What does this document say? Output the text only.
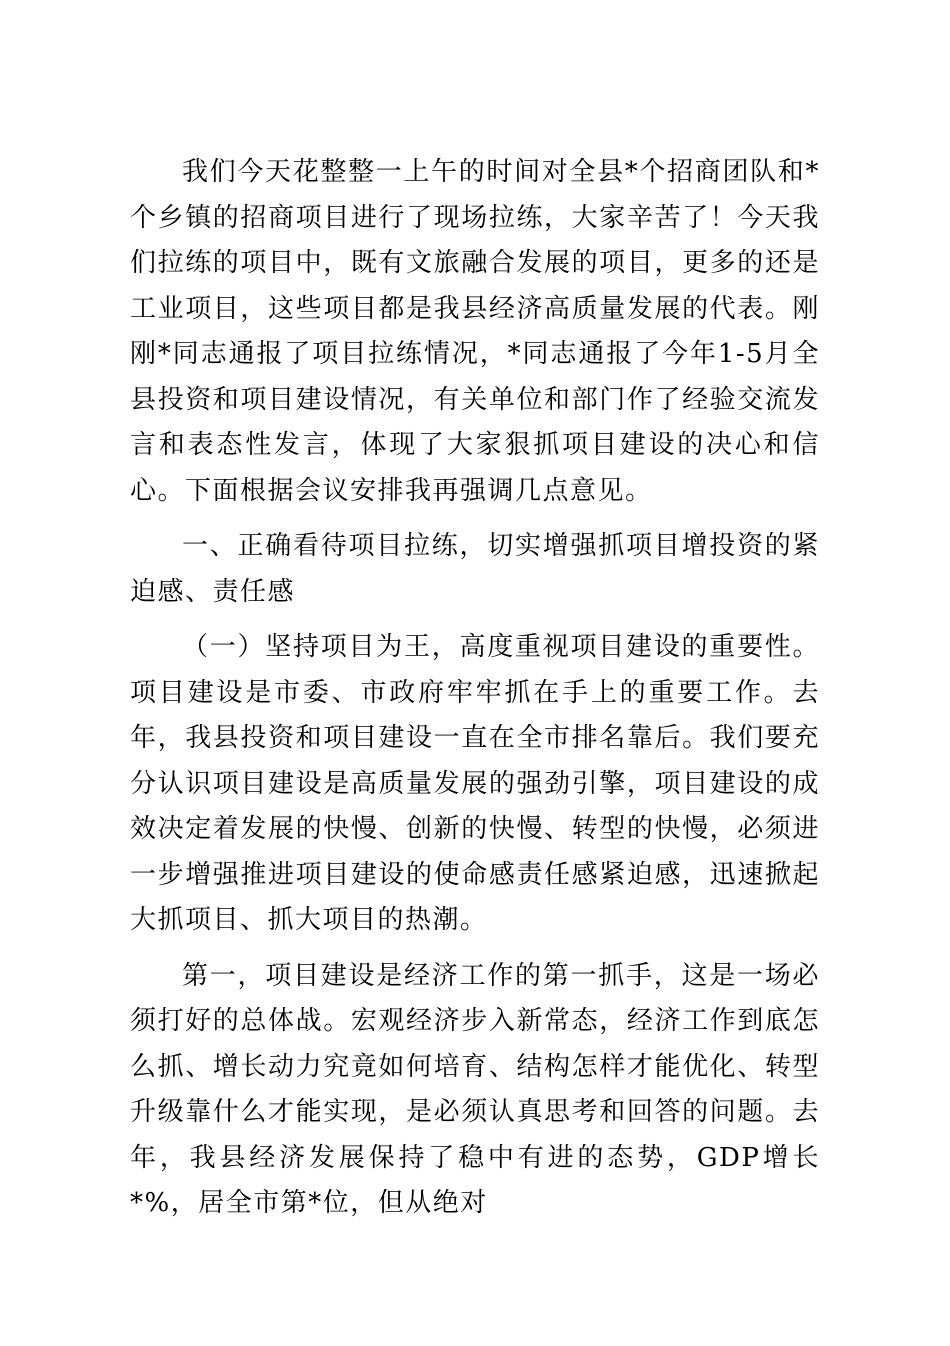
我们今天花整整一上午的时间对全县*个招商团队和*个乡镇的招商项目进行了现场拉练，大家辛苦了！今天我们拉练的项目中，既有文旅融合发展的项目，更多的还是工业项目，这些项目都是我县经济高质量发展的代表。刚刚*同志通报了项目拉练情况，*同志通报了今年1-5月全县投资和项目建设情况，有关单位和部门作了经验交流发言和表态性发言，体现了大家狠抓项目建设的决心和信心。下面根据会议安排我再强调几点意见。

一、正确看待项目拉练，切实增强抓项目增投资的紧迫感、责任感

（一）坚持项目为王，高度重视项目建设的重要性。项目建设是市委、市政府牢牢抓在手上的重要工作。去年，我县投资和项目建设一直在全市排名靠后。我们要充分认识项目建设是高质量发展的强劲引擎，项目建设的成效决定着发展的快慢、创新的快慢、转型的快慢，必须进一步增强推进项目建设的使命感责任感紧迫感，迅速掀起大抓项目、抓大项目的热潮。

第一，项目建设是经济工作的第一抓手，这是一场必须打好的总体战。宏观经济步入新常态，经济工作到底怎么抓、增长动力究竟如何培育、结构怎样才能优化、转型升级靠什么才能实现，是必须认真思考和回答的问题。去年，我县经济发展保持了稳中有进的态势，GDP增长*%，居全市第*位，但从绝对
